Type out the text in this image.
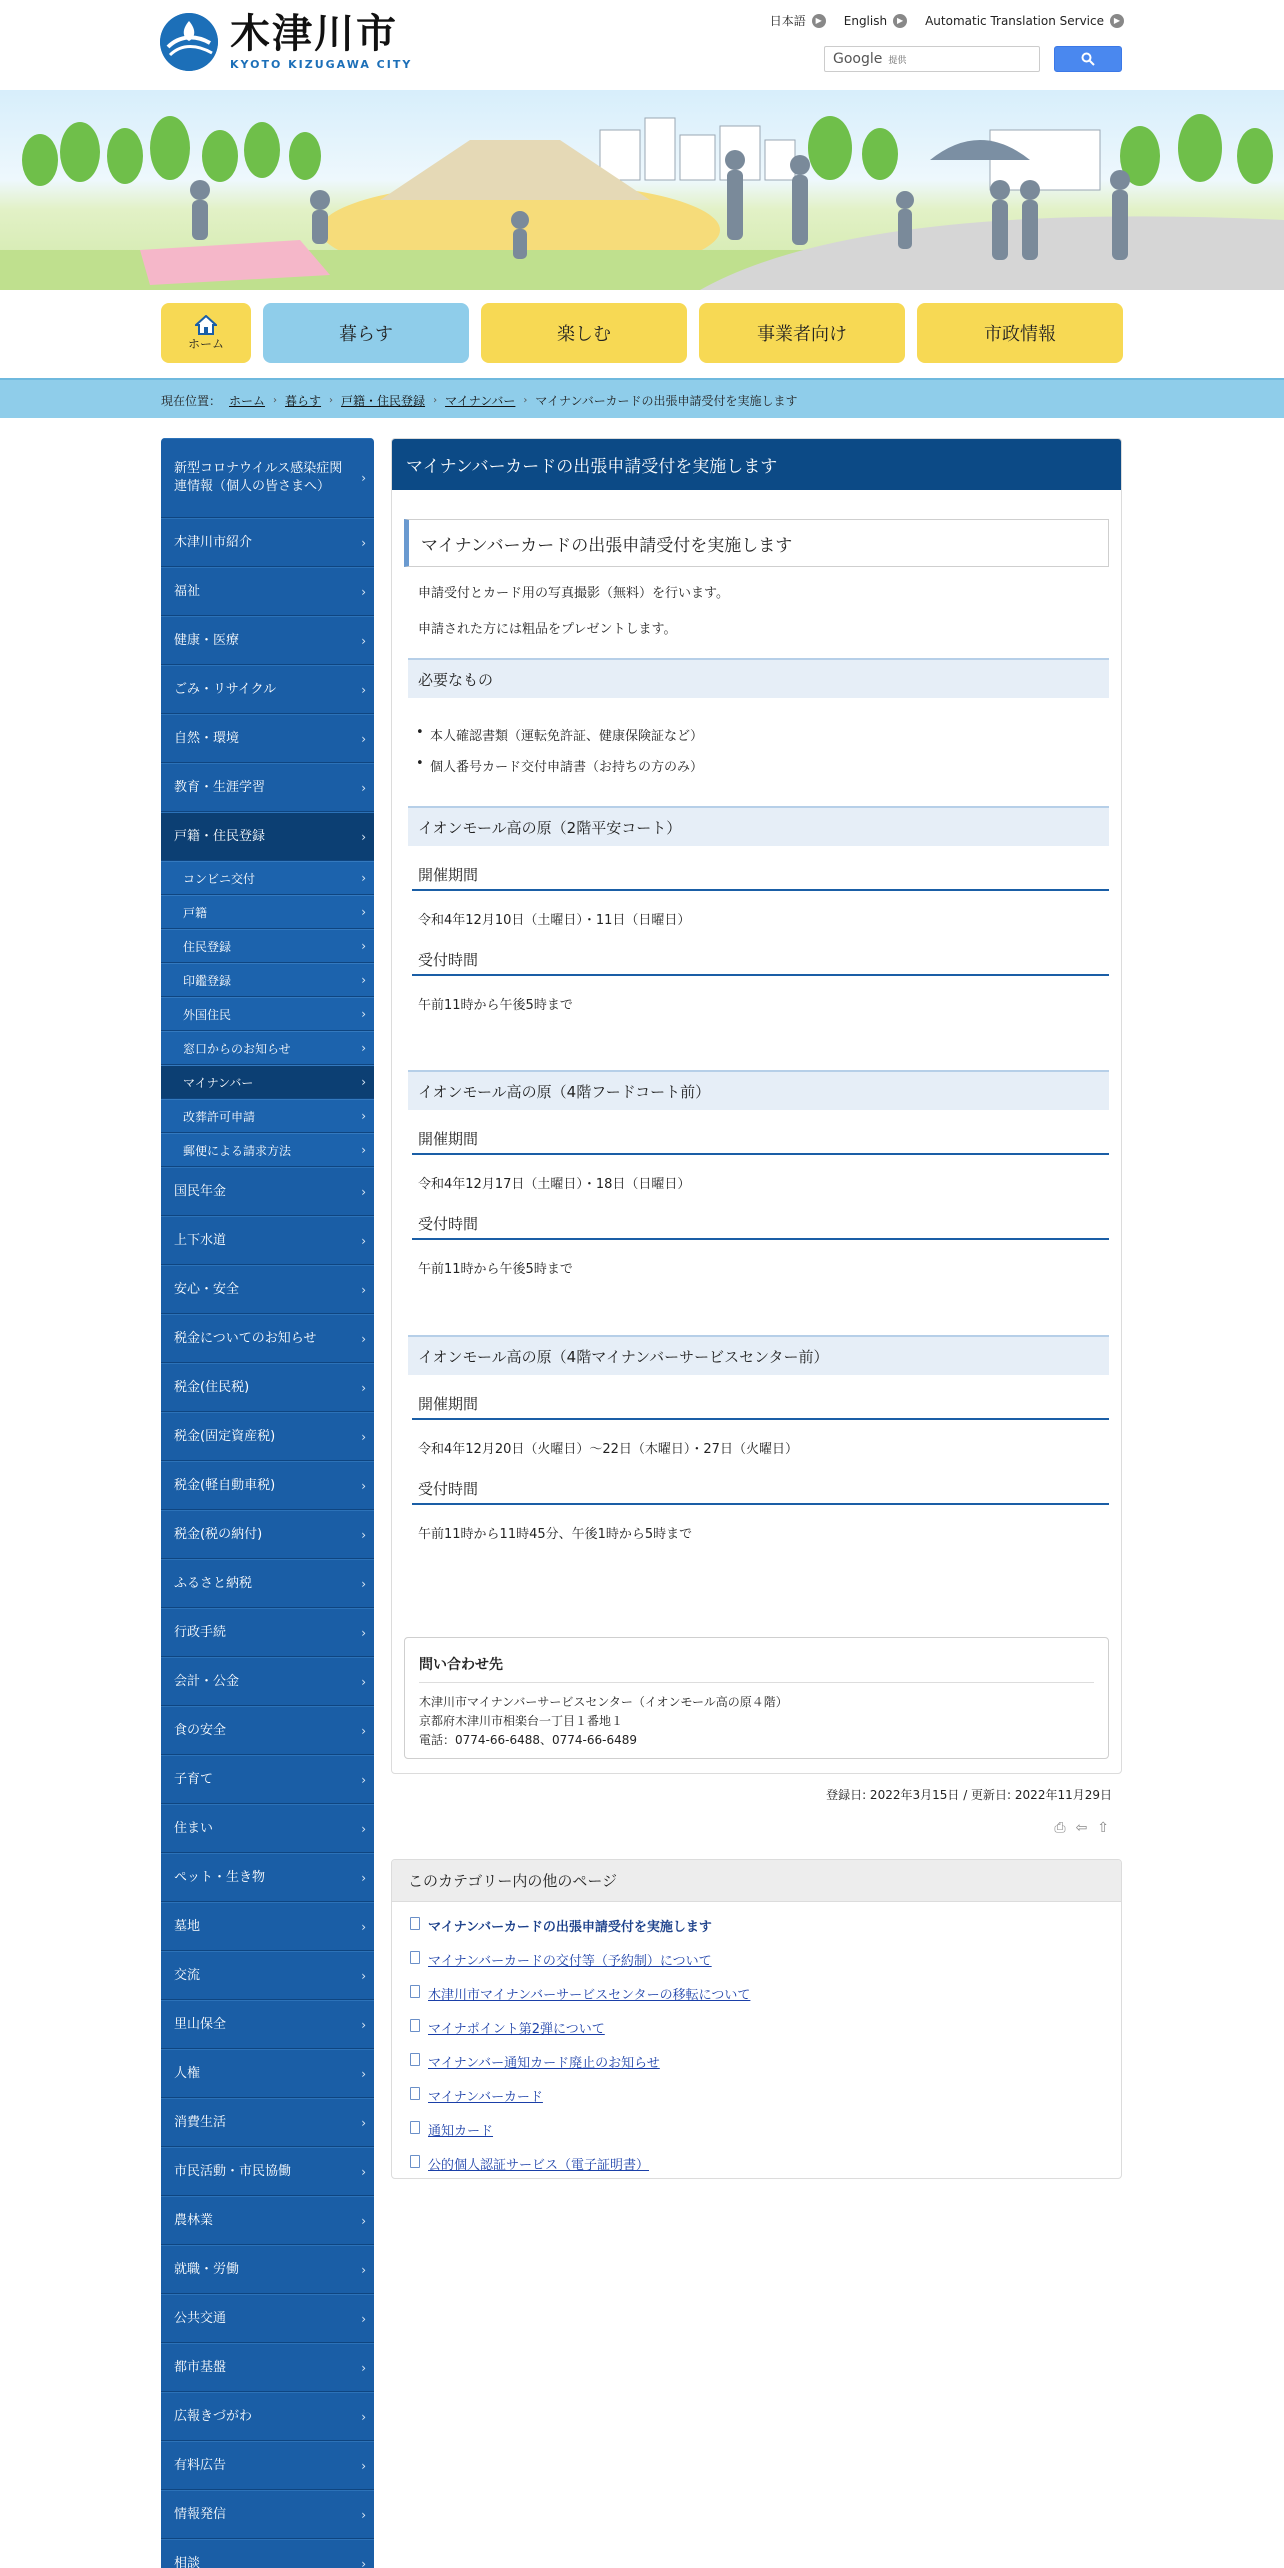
木津川市
KYOTO KIZUGAWA CITY
日本語	▶	English	▶	Automatic Translation Service	▶
Google 提供
ホーム	暮らす	楽しむ	事業者向け	市政情報
現在位置： ホーム › 暮らす › 戸籍・住民登録 › マイナンバー › マイナンバーカードの出張申請受付を実施します
新型コロナウイルス感染症関連情報（個人の皆さまへ） ›
木津川市紹介 ›
福祉 ›
健康・医療 ›
ごみ・リサイクル ›
自然・環境 ›
教育・生涯学習 ›
戸籍・住民登録 ›
コンビニ交付 ›
戸籍 ›
住民登録 ›
印鑑登録 ›
外国住民 ›
窓口からのお知らせ ›
マイナンバー ›
改葬許可申請 ›
郵便による請求方法 ›
国民年金 ›
上下水道 ›
安心・安全 ›
税金についてのお知らせ ›
税金(住民税) ›
税金(固定資産税) ›
税金(軽自動車税) ›
税金(税の納付) ›
ふるさと納税 ›
行政手続 ›
会計・公金 ›
食の安全 ›
子育て ›
住まい ›
ペット・生き物 ›
墓地 ›
交流 ›
里山保全 ›
人権 ›
消費生活 ›
市民活動・市民協働 ›
農林業 ›
就職・労働 ›
公共交通 ›
都市基盤 ›
広報きづがわ ›
有料広告 ›
情報発信 ›
相談 ›
マイナンバーカードの出張申請受付を実施します
マイナンバーカードの出張申請受付を実施します
申請受付とカード用の写真撮影（無料）を行います。
申請された方には粗品をプレゼントします。
必要なもの
• 本人確認書類（運転免許証、健康保険証など）
• 個人番号カード交付申請書（お持ちの方のみ）
イオンモール高の原（2階平安コート）
開催期間
令和4年12月10日（土曜日）・11日（日曜日）
受付時間
午前11時から午後5時まで
イオンモール高の原（4階フードコート前）
開催期間
令和4年12月17日（土曜日）・18日（日曜日）
受付時間
午前11時から午後5時まで
イオンモール高の原（4階マイナンバーサービスセンター前）
開催期間
令和4年12月20日（火曜日）～22日（木曜日）・27日（火曜日）
受付時間
午前11時から11時45分、午後1時から5時まで
問い合わせ先
木津川市マイナンバーサービスセンター（イオンモール高の原４階）
京都府木津川市相楽台一丁目１番地１
電話：0774-66-6488、0774-66-6489
登録日: 2022年3月15日 / 更新日: 2022年11月29日
⎙ ⇦ ⇧
このカテゴリー内の他のページ
マイナンバーカードの出張申請受付を実施します
マイナンバーカードの交付等（予約制）について
木津川市マイナンバーサービスセンターの移転について
マイナポイント第2弾について
マイナンバー通知カード廃止のお知らせ
マイナンバーカード
通知カード
公的個人認証サービス（電子証明書）
